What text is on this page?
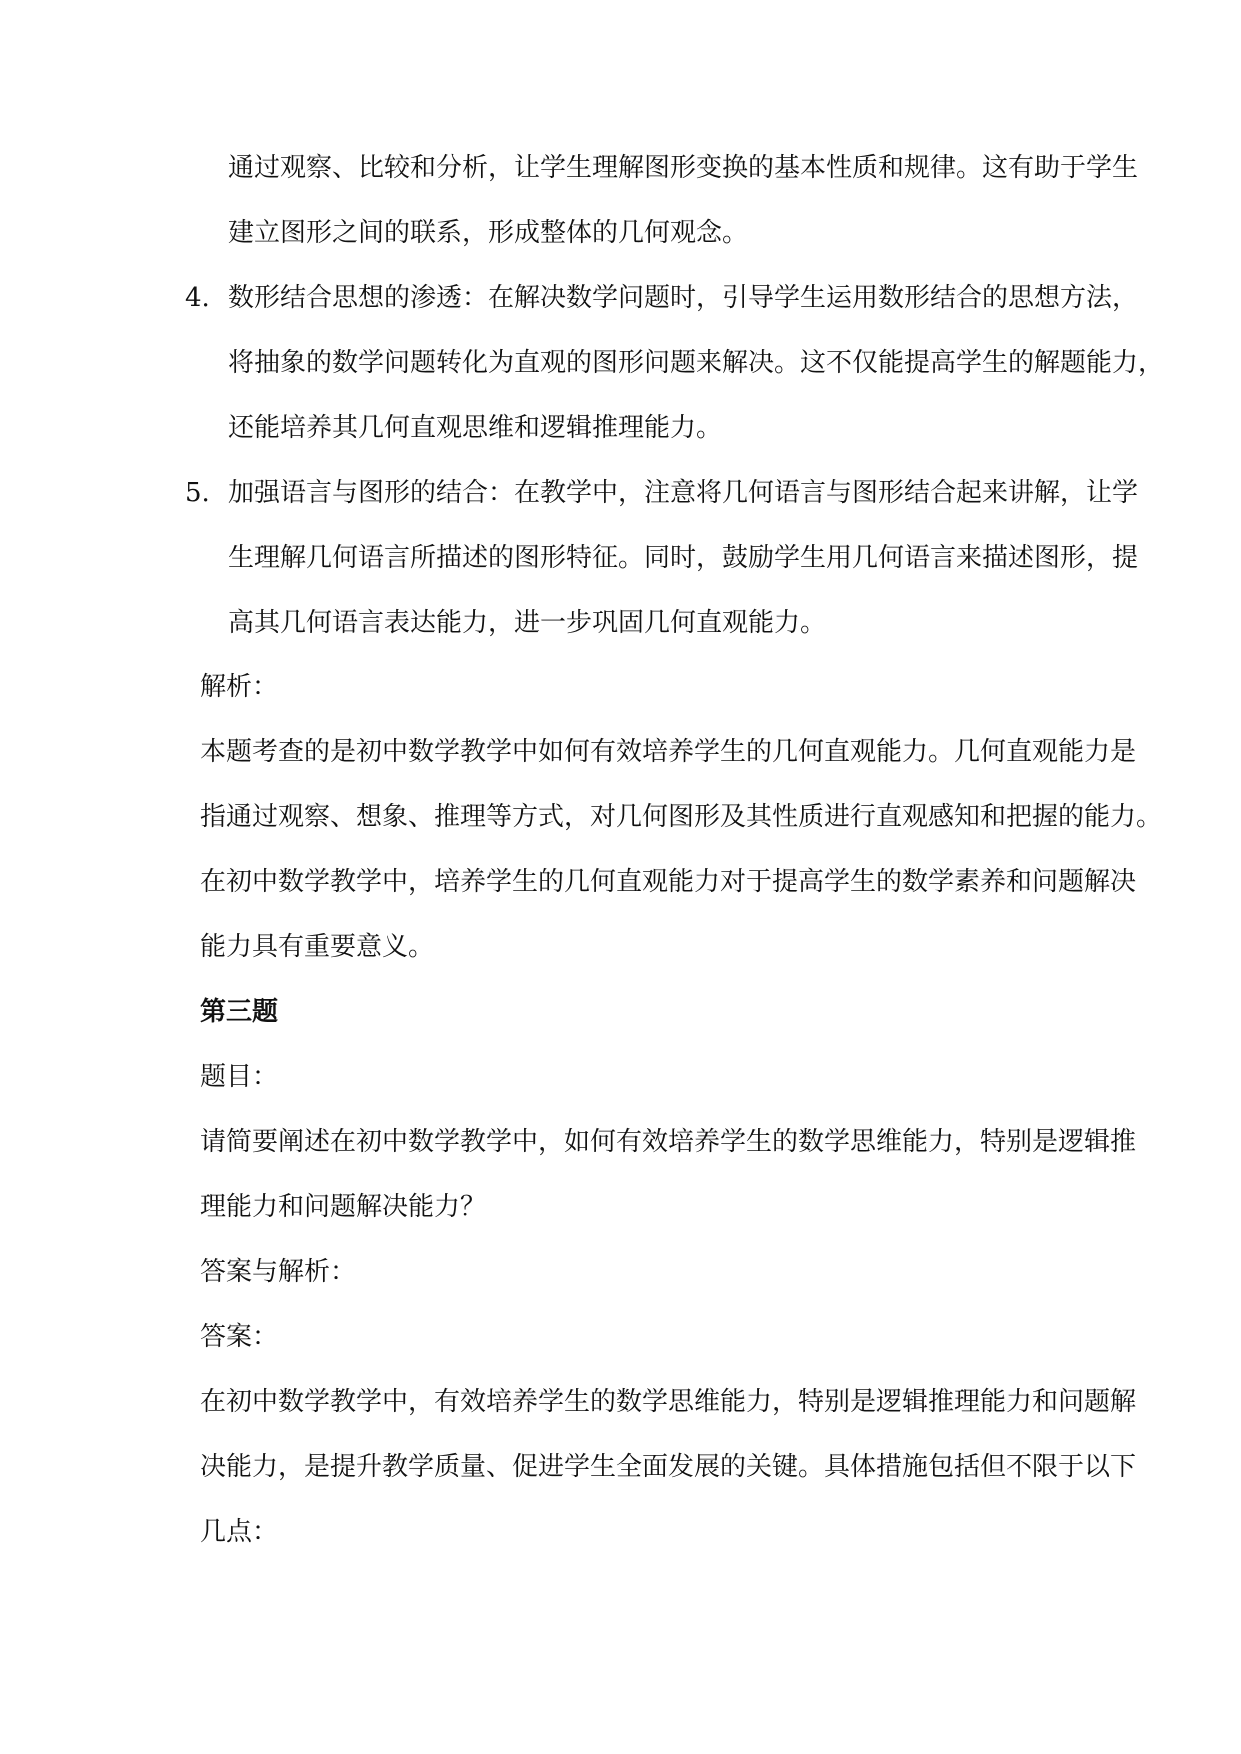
通过观察、比较和分析，让学生理解图形变换的基本性质和规律。这有助于学生
建立图形之间的联系，形成整体的几何观念。
4. 数形结合思想的渗透：在解决数学问题时，引导学生运用数形结合的思想方法，
将抽象的数学问题转化为直观的图形问题来解决。这不仅能提高学生的解题能力，
还能培养其几何直观思维和逻辑推理能力。
5. 加强语言与图形的结合：在教学中，注意将几何语言与图形结合起来讲解，让学
生理解几何语言所描述的图形特征。同时，鼓励学生用几何语言来描述图形，提
高其几何语言表达能力，进一步巩固几何直观能力。
解析：
本题考查的是初中数学教学中如何有效培养学生的几何直观能力。几何直观能力是
指通过观察、想象、推理等方式，对几何图形及其性质进行直观感知和把握的能力。
在初中数学教学中，培养学生的几何直观能力对于提高学生的数学素养和问题解决
能力具有重要意义。
第三题
题目：
请简要阐述在初中数学教学中，如何有效培养学生的数学思维能力，特别是逻辑推
理能力和问题解决能力？
答案与解析：
答案：
在初中数学教学中，有效培养学生的数学思维能力，特别是逻辑推理能力和问题解
决能力，是提升教学质量、促进学生全面发展的关键。具体措施包括但不限于以下
几点：
